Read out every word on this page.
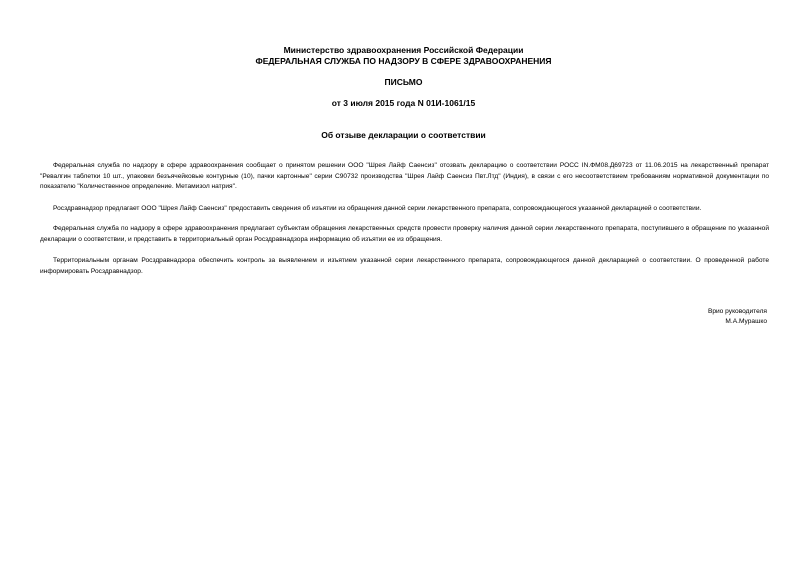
Министерство здравоохранения Российской Федерации
ФЕДЕРАЛЬНАЯ СЛУЖБА ПО НАДЗОРУ В СФЕРЕ ЗДРАВООХРАНЕНИЯ
ПИСЬМО
от 3 июля 2015 года N 01И-1061/15
Об отзыве декларации о соответствии

Федеральная служба по надзору в сфере здравоохранения сообщает о принятом решении ООО "Шрея Лайф Саенсиз" отозвать декларацию о соответствии РОСС IN.ФМ08.Д69723 от 11.06.2015 на лекарственный препарат "Ревалгин таблетки 10 шт., упаковки безъячейковые контурные (10), пачки картонные" серии C90732 производства "Шрея Лайф Саенсиз Пвт.Лтд" (Индия), в связи с его несоответствием требованиям нормативной документации по показателю "Количественное определение. Метамизол натрия".

Росздравнадзор предлагает ООО "Шрея Лайф Саенсиз" предоставить сведения об изъятии из обращения данной серии лекарственного препарата, сопровождающегося указанной декларацией о соответствии.

Федеральная служба по надзору в сфере здравоохранения предлагает субъектам обращения лекарственных средств провести проверку наличия данной серии лекарственного препарата, поступившего в обращение по указанной декларации о соответствии, и представить в территориальный орган Росздравнадзора информацию об изъятии ее из обращения.

Территориальным органам Росздравнадзора обеспечить контроль за выявлением и изъятием указанной серии лекарственного препарата, сопровождающегося данной декларацией о соответствии. О проведенной работе информировать Росздравнадзор.

Врио руководителя
М.А.Мурашко
